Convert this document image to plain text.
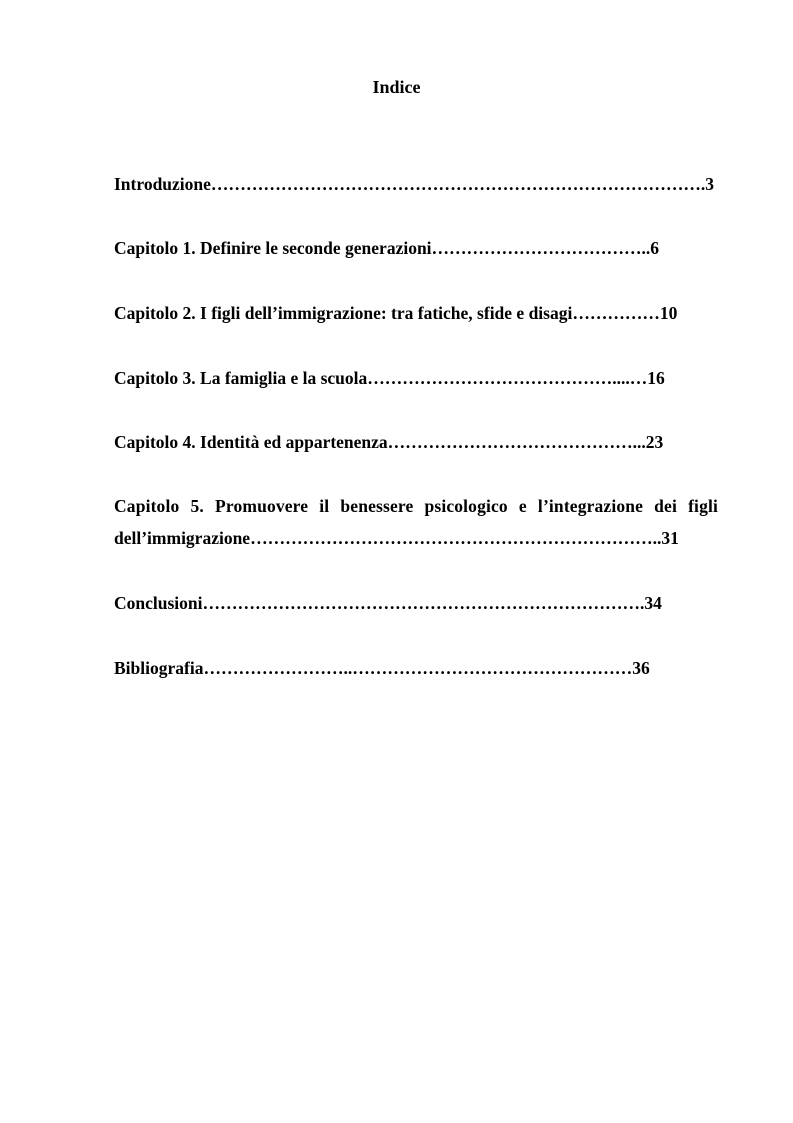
Indice
Introduzione………………………………………………………………………….3
Capitolo 1. Definire le seconde generazioni………………………………..6
Capitolo 2. I figli dell’immigrazione: tra fatiche, sfide e disagi……………10
Capitolo 3. La famiglia e la scuola……………………………………....…16
Capitolo 4. Identità ed appartenenza……………………………………...23
Capitolo 5. Promuovere il benessere psicologico e l’integrazione dei figli
dell’immigrazione……………………………………………………………..31
Conclusioni………………………………………………………………….34
Bibliografia……………………..…………………………………………36
